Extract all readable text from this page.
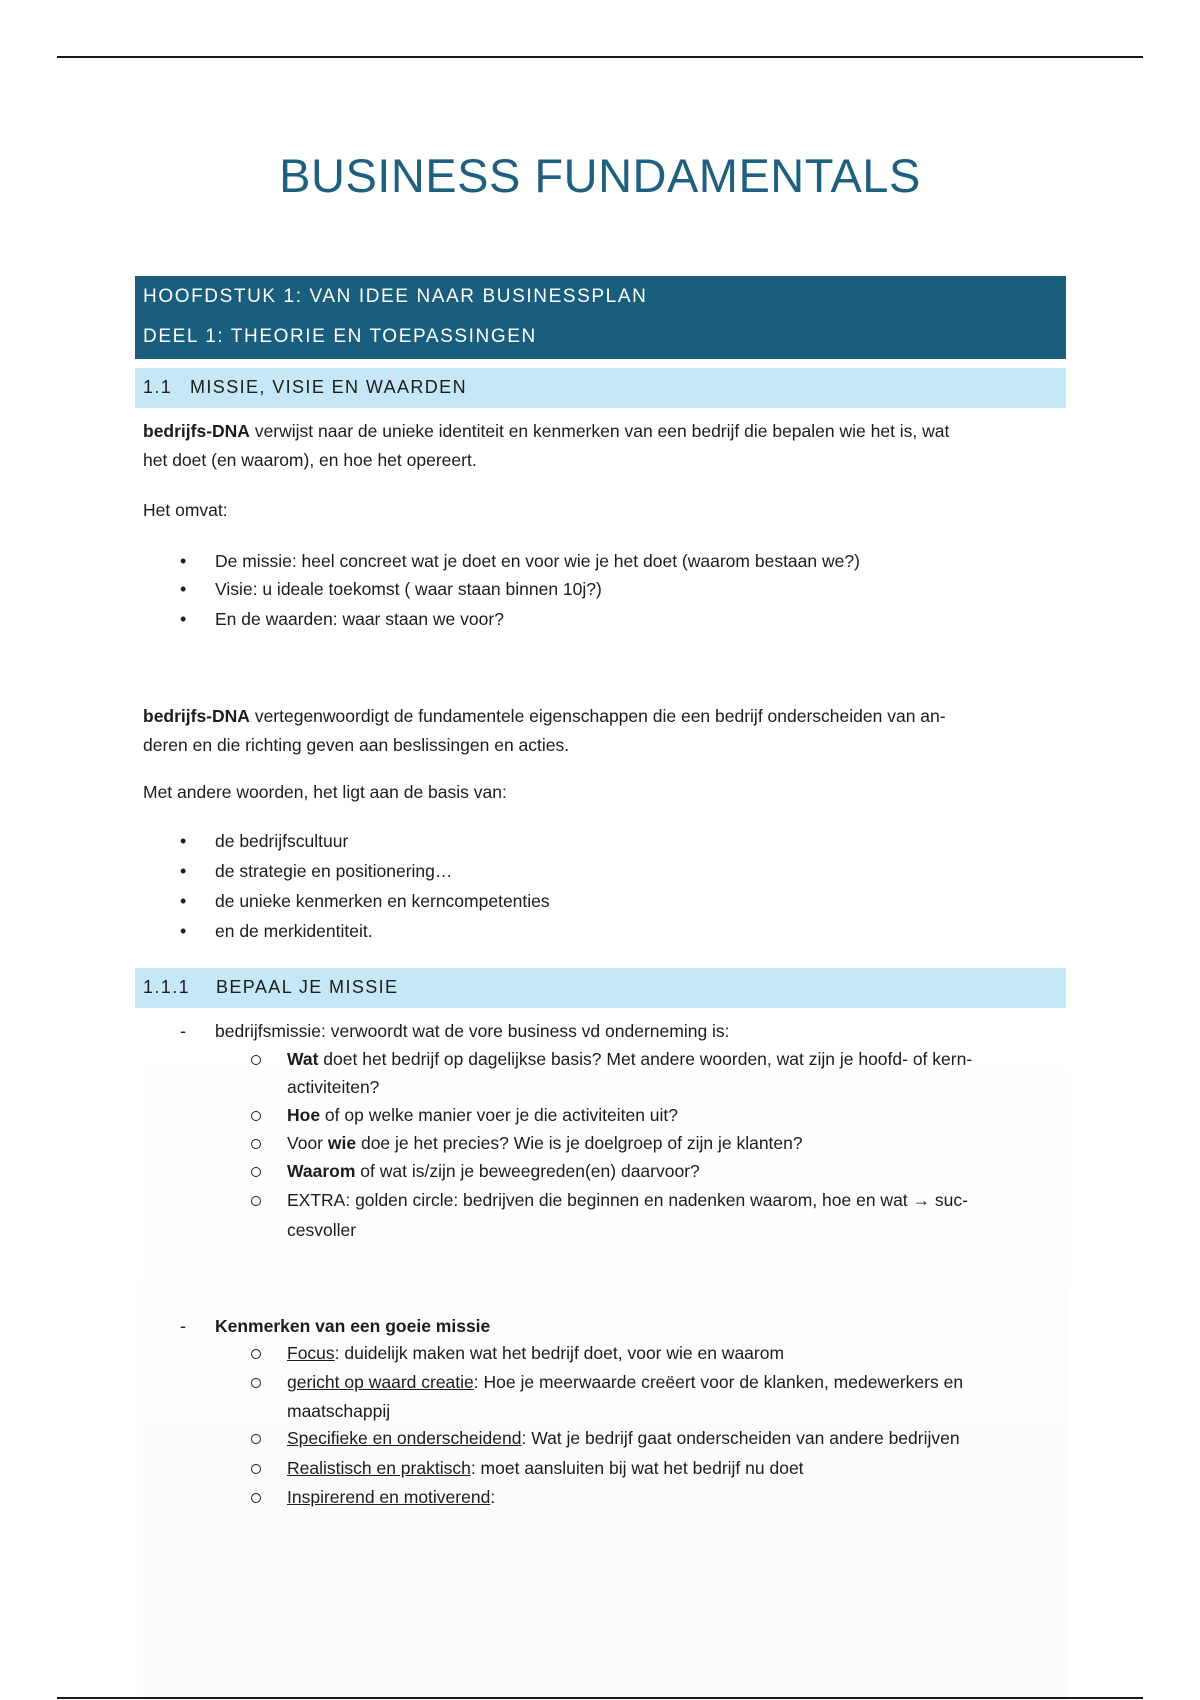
BUSINESS FUNDAMENTALS
HOOFDSTUK 1: VAN IDEE NAAR BUSINESSPLAN
DEEL 1: THEORIE EN TOEPASSINGEN
1.1 MISSIE, VISIE EN WAARDEN
bedrijfs-DNA verwijst naar de unieke identiteit en kenmerken van een bedrijf die bepalen wie het is, wat
het doet (en waarom), en hoe het opereert.
Het omvat:
• De missie: heel concreet wat je doet en voor wie je het doet (waarom bestaan we?)
• Visie: u ideale toekomst ( waar staan binnen 10j?)
• En de waarden: waar staan we voor?
bedrijfs-DNA vertegenwoordigt de fundamentele eigenschappen die een bedrijf onderscheiden van an-
deren en die richting geven aan beslissingen en acties.
Met andere woorden, het ligt aan de basis van:
• de bedrijfscultuur
• de strategie en positionering…
• de unieke kenmerken en kerncompetenties
• en de merkidentiteit.
1.1.1 BEPAAL JE MISSIE
- bedrijfsmissie: verwoordt wat de vore business vd onderneming is:
Wat doet het bedrijf op dagelijkse basis? Met andere woorden, wat zijn je hoofd- of kern-
activiteiten?
Hoe of op welke manier voer je die activiteiten uit?
Voor wie doe je het precies? Wie is je doelgroep of zijn je klanten?
Waarom of wat is/zijn je beweegreden(en) daarvoor?
EXTRA: golden circle: bedrijven die beginnen en nadenken waarom, hoe en wat → suc-
cesvoller
- Kenmerken van een goeie missie
Focus: duidelijk maken wat het bedrijf doet, voor wie en waarom
gericht op waard creatie: Hoe je meerwaarde creëert voor de klanken, medewerkers en
maatschappij
Specifieke en onderscheidend: Wat je bedrijf gaat onderscheiden van andere bedrijven
Realistisch en praktisch: moet aansluiten bij wat het bedrijf nu doet
Inspirerend en motiverend:
